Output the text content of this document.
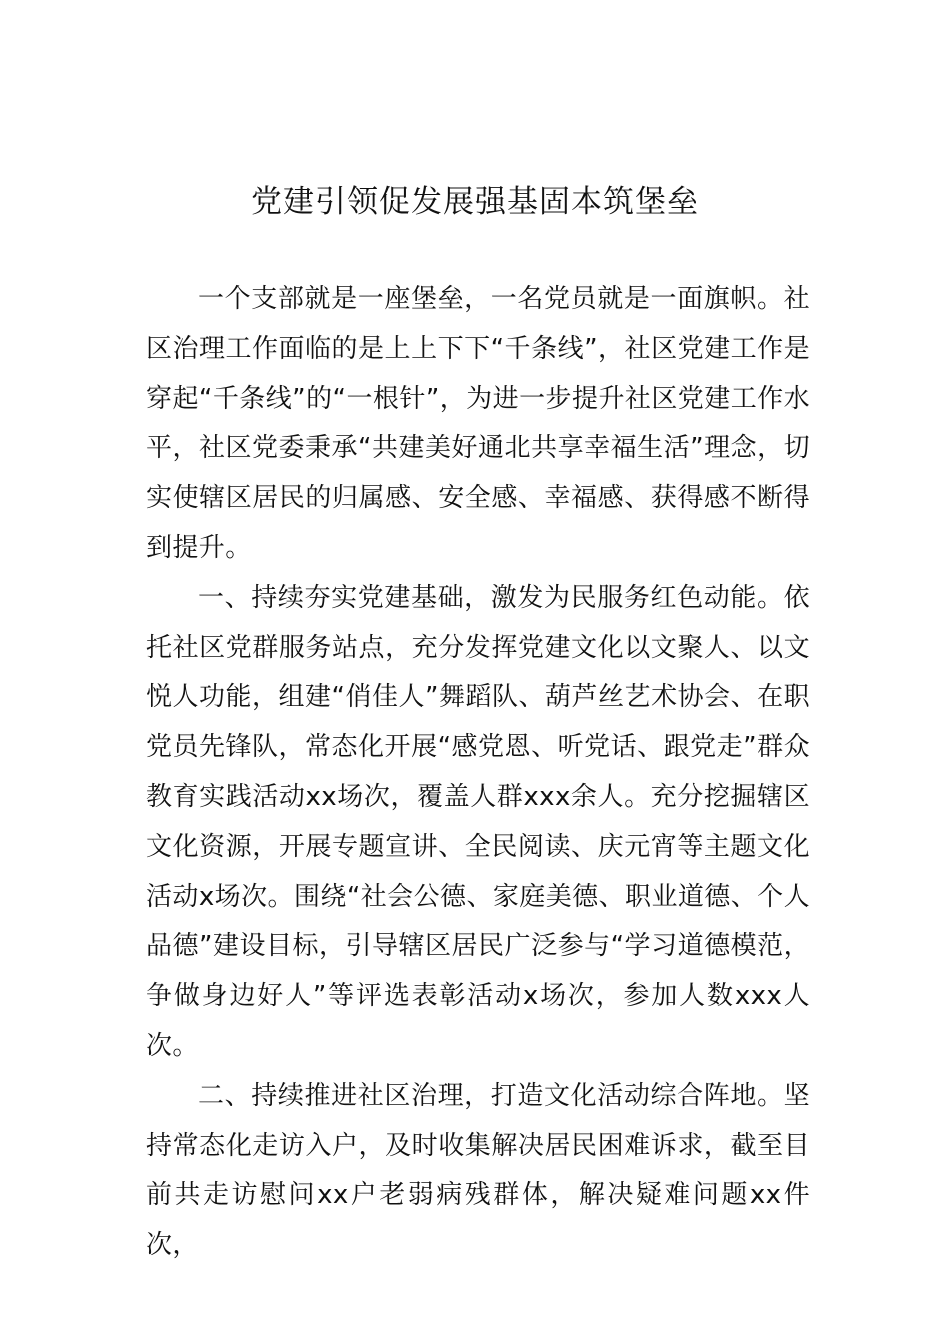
党建引领促发展强基固本筑堡垒

一个支部就是一座堡垒，一名党员就是一面旗帜。社区治理工作面临的是上上下下“千条线”，社区党建工作是穿起“千条线”的“一根针”，为进一步提升社区党建工作水平，社区党委秉承“共建美好通北共享幸福生活”理念，切实使辖区居民的归属感、安全感、幸福感、获得感不断得到提升。

一、持续夯实党建基础，激发为民服务红色动能。依托社区党群服务站点，充分发挥党建文化以文聚人、以文悦人功能，组建“俏佳人”舞蹈队、葫芦丝艺术协会、在职党员先锋队，常态化开展“感党恩、听党话、跟党走”群众教育实践活动xx场次，覆盖人群xxx余人。充分挖掘辖区文化资源，开展专题宣讲、全民阅读、庆元宵等主题文化活动x场次。围绕“社会公德、家庭美德、职业道德、个人品德”建设目标，引导辖区居民广泛参与“学习道德模范，争做身边好人”等评选表彰活动x场次，参加人数xxx人次。

二、持续推进社区治理，打造文化活动综合阵地。坚持常态化走访入户，及时收集解决居民困难诉求，截至目前共走访慰问xx户老弱病残群体，解决疑难问题xx件次，
